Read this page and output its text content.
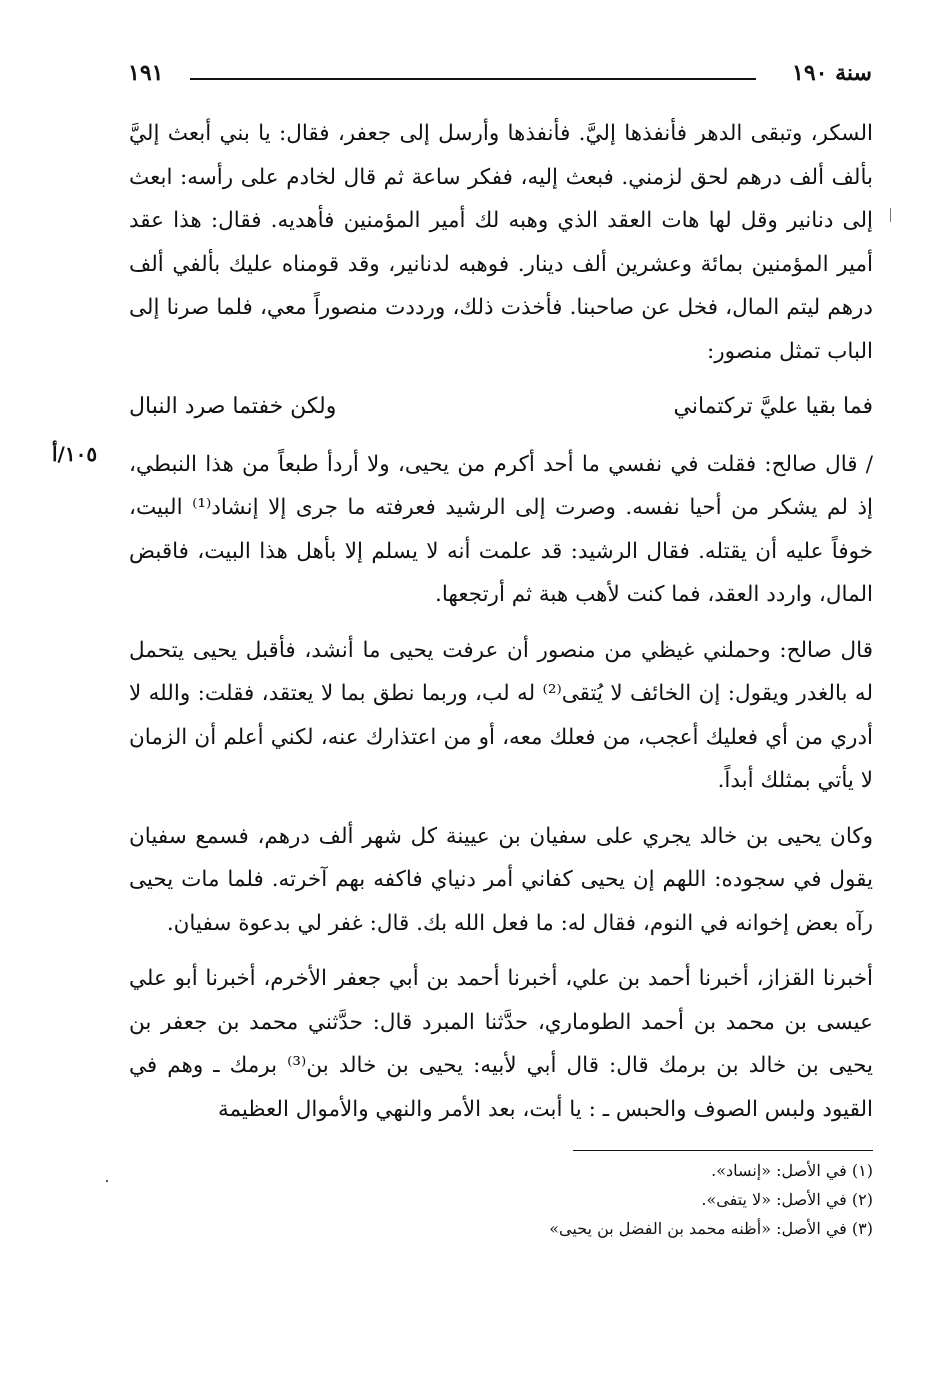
سنة ١٩٠
١٩١
١٠٥/أ

السكر، وتبقى الدهر فأنفذها إليَّ. فأنفذها وأرسل إلى جعفر، فقال: يا بني أبعث إليَّ بألف ألف درهم لحق لزمني. فبعث إليه، ففكر ساعة ثم قال لخادم على رأسه: ابعث إلى دنانير وقل لها هات العقد الذي وهبه لك أمير المؤمنين فأهديه. فقال: هذا عقد أمير المؤمنين بمائة وعشرين ألف دينار. فوهبه لدنانير، وقد قومناه عليك بألفي ألف درهم ليتم المال، فخل عن صاحبنا. فأخذت ذلك، ورددت منصوراً معي، فلما صرنا إلى الباب تمثل منصور:

فما بقيا عليَّ تركتماني
ولكن خفتما صرد النبال

/ قال صالح: فقلت في نفسي ما أحد أكرم من يحيى، ولا أردأ طبعاً من هذا النبطي، إذ لم يشكر من أحيا نفسه. وصرت إلى الرشيد فعرفته ما جرى إلا إنشاد⁽¹⁾ البيت، خوفاً عليه أن يقتله. فقال الرشيد: قد علمت أنه لا يسلم إلا بأهل هذا البيت، فاقبض المال، واردد العقد، فما كنت لأهب هبة ثم أرتجعها.

قال صالح: وحملني غيظي من منصور أن عرفت يحيى ما أنشد، فأقبل يحيى يتحمل له بالغدر ويقول: إن الخائف لا يُتقى⁽²⁾ له لب، وربما نطق بما لا يعتقد، فقلت: والله لا أدري من أي فعليك أعجب، من فعلك معه، أو من اعتذارك عنه، لكني أعلم أن الزمان لا يأتي بمثلك أبداً.

وكان يحيى بن خالد يجري على سفيان بن عيينة كل شهر ألف درهم، فسمع سفيان يقول في سجوده: اللهم إن يحيى كفاني أمر دنياي فاكفه بهم آخرته. فلما مات يحيى رآه بعض إخوانه في النوم، فقال له: ما فعل الله بك. قال: غفر لي بدعوة سفيان.

أخبرنا القزاز، أخبرنا أحمد بن علي، أخبرنا أحمد بن أبي جعفر الأخرم، أخبرنا أبو علي عيسى بن محمد بن أحمد الطوماري، حدَّثنا المبرد قال: حدَّثني محمد بن جعفر بن يحيى بن خالد بن برمك قال: قال أبي لأبيه: يحيى بن خالد بن⁽³⁾ برمك ـ وهم في القيود ولبس الصوف والحبس ـ : يا أبت، بعد الأمر والنهي والأموال العظيمة

(١) في الأصل: «إنساد».
(٢) في الأصل: «لا يتفى».
(٣) في الأصل: «أظنه محمد بن الفضل بن يحيى»
